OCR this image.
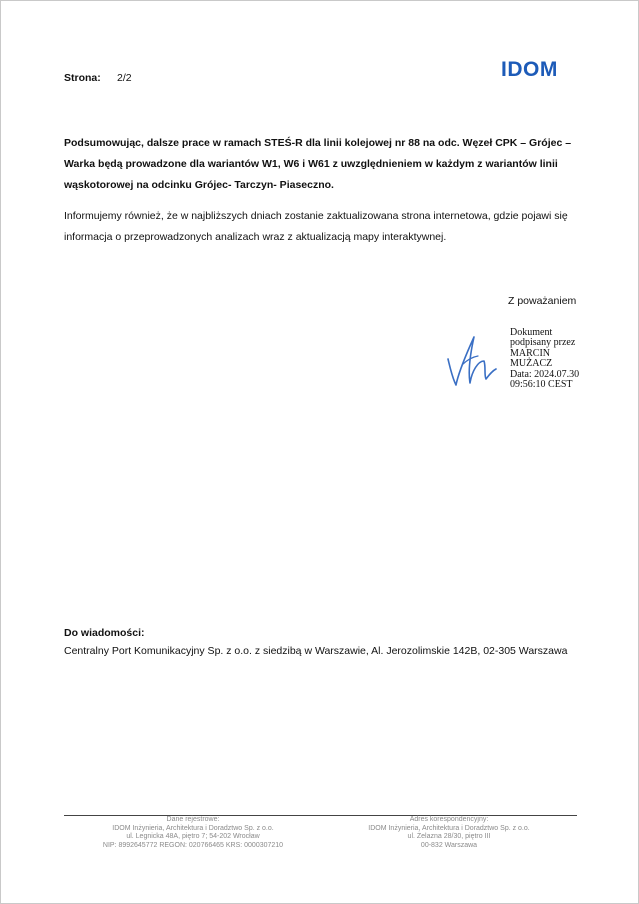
Strona: 2/2	IDOM
Podsumowując, dalsze prace w ramach STEŚ-R dla linii kolejowej nr 88 na odc. Węzeł CPK – Grójec – Warka będą prowadzone dla wariantów W1, W6 i W61 z uwzględnieniem w każdym z wariantów linii wąskotorowej na odcinku Grójec- Tarczyn- Piaseczno.
Informujemy również, że w najbliższych dniach zostanie zaktualizowana strona internetowa, gdzie pojawi się informacja o przeprowadzonych analizach wraz z aktualizacją mapy interaktywnej.
Z poważaniem
Dokument
podpisany przez
MARCIN
MUŻACZ
Data: 2024.07.30
09:56:10 CEST
Do wiadomości:
Centralny Port Komunikacyjny Sp. z o.o. z siedzibą w Warszawie, Al. Jerozolimskie 142B, 02-305 Warszawa
Dane rejestrowe:
IDOM Inżynieria, Architektura i Doradztwo Sp. z o.o.
ul. Legnicka 48A, piętro 7; 54-202 Wrocław
NIP: 8992645772 REGON: 020766465 KRS: 0000307210
Adres korespondencyjny:
IDOM Inżynieria, Architektura i Doradztwo Sp. z o.o.
ul. Żelazna 28/30, piętro III
00-832 Warszawa
